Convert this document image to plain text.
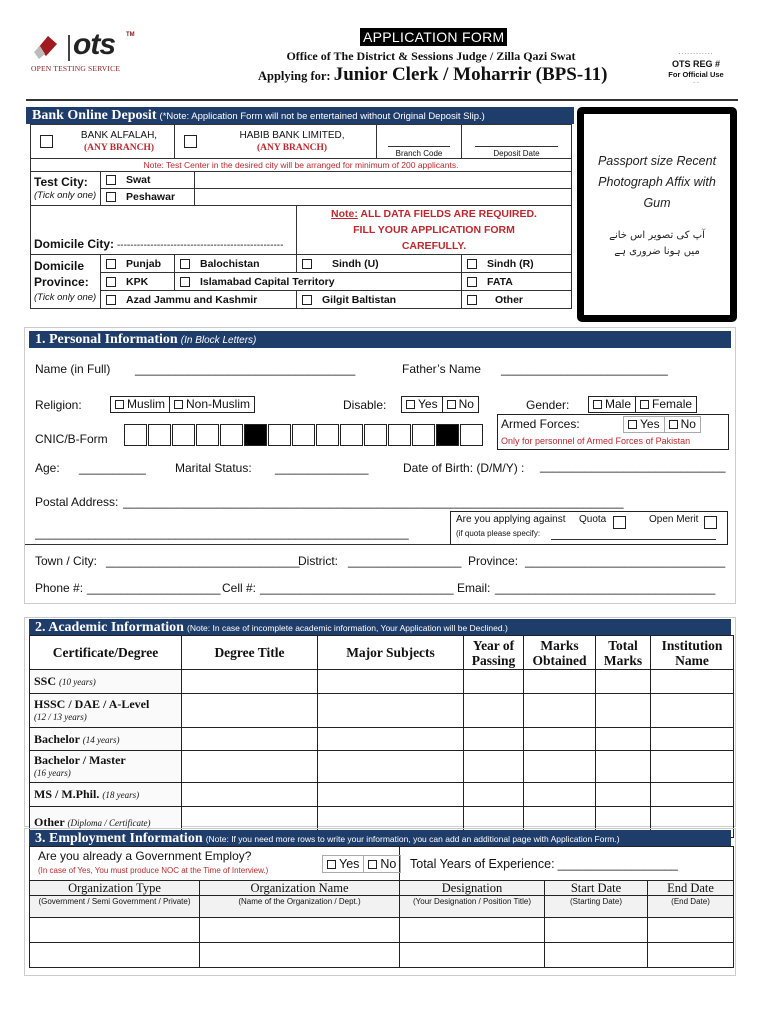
ots TM
OPEN TESTING SERVICE
APPLICATION FORM
Office of The District & Sessions Judge / Zilla Qazi Swat
Applying for: Junior Clerk / Moharrir (BPS-11)
............
OTS REG #
For Official Use
. .
Bank Online Deposit (*Note: Application Form will not be entertained without Original Deposit Slip.)
BANK ALFALAH,
(ANY BRANCH)

HABIB BANK LIMITED,
(ANY BRANCH)

Branch Code	Deposit Date

Note: Test Center in the desired city will be arranged for minimum of 200 applicants.						

Test City:
(Tick only one)	Swat					
	Peshawar					
Domicile City: --------------------------------------------------				Note: ALL DATA FIELDS ARE REQUIRED.
FILL YOUR APPLICATION FORM
CAREFULLY.		

Domicile
Province:
(Tick only one)	Punjab	Balochistan		Sindh (U)		Sindh (R)
	KPK	Islamabad Capital Territory				FATA
	Azad Jammu and Kashmir			Gilgit Baltistan		Other
Passport size Recent Photograph Affix with Gum
آپ کی تصویر اس خانے
میں ہونا ضروری ہے
1. Personal Information (In Block Letters)
Name (in Full) _________________________________	Father’s Name _________________________
Religion:	Muslim Non-Muslim	Disable:	Yes No	Gender:	Male Female
CNIC/B-Form
Armed Forces:	Yes No
Only for personnel of Armed Forces of Pakistan
Age: __________ Marital Status: ______________	Date of Birth: (D/M/Y) : _____________________________
Postal Address: ___________________________________________________________________________
________________________________________________________
Are you applying against Quota	Open Merit
(if quota please specify:
Town / City: _____________________________
District: _________________ Province: ______________________________
Phone #: ____________________ Cell #: _____________________________ Email: _________________________________
2. Academic Information (Note: In case of incomplete academic information, Your Application will be Declined.)
Certificate/Degree	Degree Title	Major Subjects	Year of Passing	Marks Obtained	Total Marks	Institution Name
SSC (10 years)						
HSSC / DAE / A-Level
(12 / 13 years)						
Bachelor (14 years)						
Bachelor / Master
(16 years)						
MS / M.Phil. (18 years)						
Other (Diploma / Certificate)						
3. Employment Information (Note: If you need more rows to write your information, you can add an additional page with Application Form.)
Are you already a Government Employ?
(In case of Yes, You must produce NOC at the Time of Interview.) Yes No		Total Years of Experience: __________________		
Organization Type	Organization Name	Designation	Start Date	End Date
(Government / Semi Government / Private)	(Name of the Organization / Dept.)	(Your Designation / Position Title)	(Starting Date)	(End Date)
